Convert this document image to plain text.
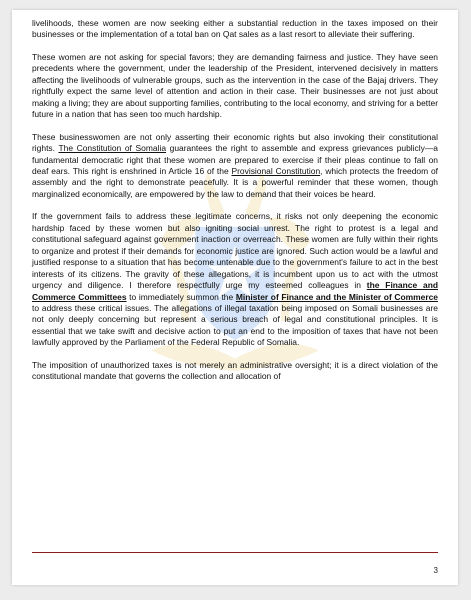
livelihoods, these women are now seeking either a substantial reduction in the taxes imposed on their businesses or the implementation of a total ban on Qat sales as a last resort to alleviate their suffering.

These women are not asking for special favors; they are demanding fairness and justice. They have seen precedents where the government, under the leadership of the President, intervened decisively in matters affecting the livelihoods of vulnerable groups, such as the intervention in the case of the Bajaj drivers. They rightfully expect the same level of attention and action in their case. Their businesses are not just about making a living; they are about supporting families, contributing to the local economy, and striving for a better future in a nation that has seen too much hardship.

These businesswomen are not only asserting their economic rights but also invoking their constitutional rights. The Constitution of Somalia guarantees the right to assemble and express grievances publicly—a fundamental democratic right that these women are prepared to exercise if their pleas continue to fall on deaf ears. This right is enshrined in Article 16 of the Provisional Constitution, which protects the freedom of assembly and the right to demonstrate peacefully. It is a powerful reminder that these women, though marginalized economically, are empowered by the law to demand that their voices be heard.

If the government fails to address these legitimate concerns, it risks not only deepening the economic hardship faced by these women but also igniting social unrest. The right to protest is a legal and constitutional safeguard against government inaction or overreach. These women are fully within their rights to organize and protest if their demands for economic justice are ignored. Such action would be a lawful and justified response to a situation that has become untenable due to the government's failure to act in the best interests of its citizens. The gravity of these allegations, it is incumbent upon us to act with the utmost urgency and diligence. I therefore respectfully urge my esteemed colleagues in the Finance and Commerce Committees to immediately summon the Minister of Finance and the Minister of Commerce to address these critical issues. The allegations of illegal taxation being imposed on Somali businesses are not only deeply concerning but represent a serious breach of legal and constitutional principles. It is essential that we take swift and decisive action to put an end to the imposition of taxes that have not been lawfully approved by the Parliament of the Federal Republic of Somalia.

The imposition of unauthorized taxes is not merely an administrative oversight; it is a direct violation of the constitutional mandate that governs the collection and allocation of

3
